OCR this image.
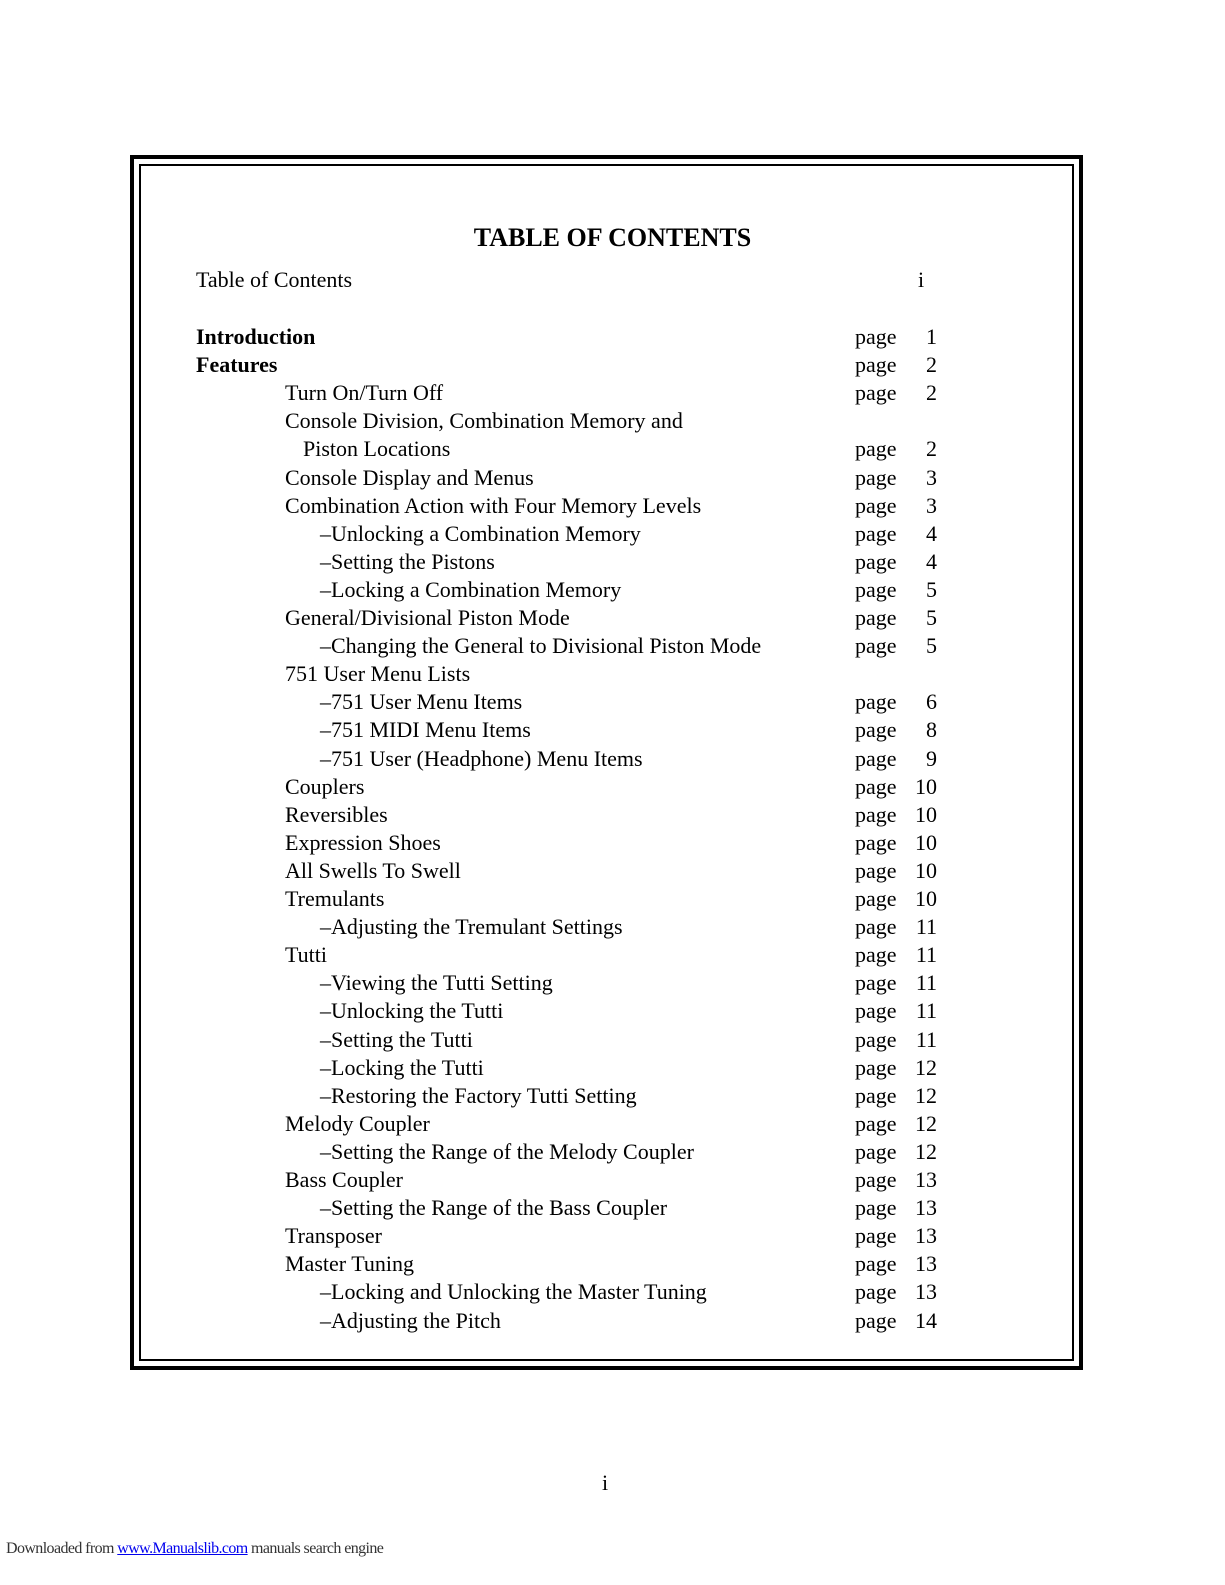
TABLE OF CONTENTS
Table of Contents	i
Introduction	page 1
Features	page 2
Turn On/Turn Off	page 2
Console Division, Combination Memory and
Piston Locations	page 2
Console Display and Menus	page 3
Combination Action with Four Memory Levels	page 3
–Unlocking a Combination Memory	page 4
–Setting the Pistons	page 4
–Locking a Combination Memory	page 5
General/Divisional Piston Mode	page 5
–Changing the General to Divisional Piston Mode	page 5
751 User Menu Lists
–751 User Menu Items	page 6
–751 MIDI Menu Items	page 8
–751 User (Headphone) Menu Items	page 9
Couplers	page 10
Reversibles	page 10
Expression Shoes	page 10
All Swells To Swell	page 10
Tremulants	page 10
–Adjusting the Tremulant Settings	page 11
Tutti	page 11
–Viewing the Tutti Setting	page 11
–Unlocking the Tutti	page 11
–Setting the Tutti	page 11
–Locking the Tutti	page 12
–Restoring the Factory Tutti Setting	page 12
Melody Coupler	page 12
–Setting the Range of the Melody Coupler	page 12
Bass Coupler	page 13
–Setting the Range of the Bass Coupler	page 13
Transposer	page 13
Master Tuning	page 13
–Locking and Unlocking the Master Tuning	page 13
–Adjusting the Pitch	page 14
i
Downloaded from www.Manualslib.com manuals search engine
